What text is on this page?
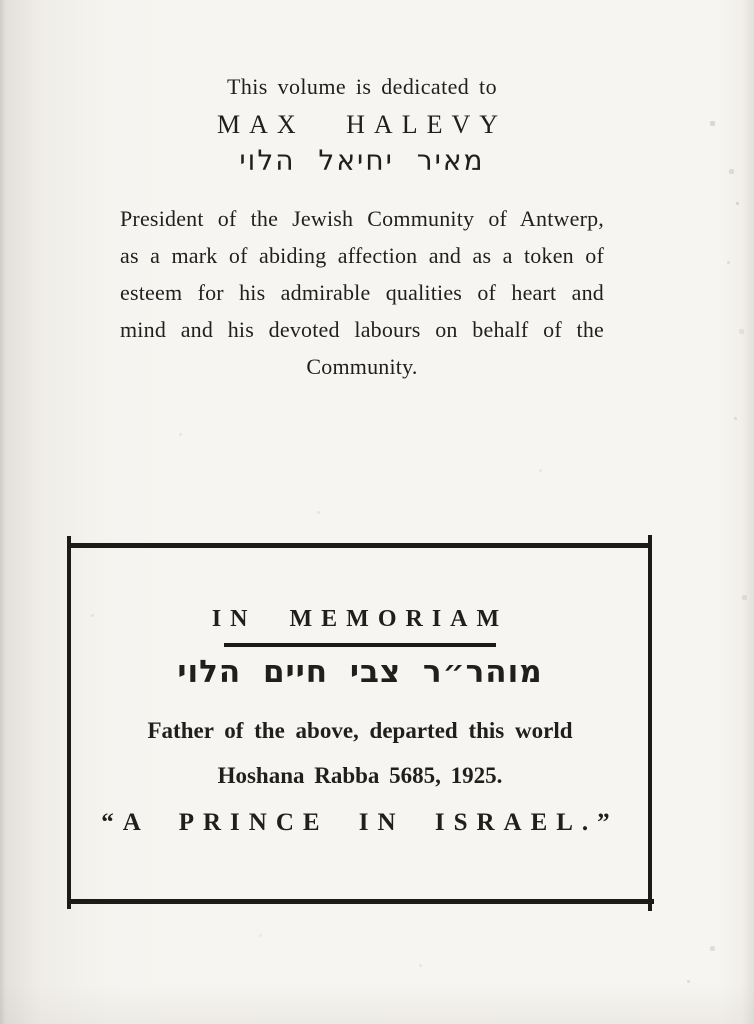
This volume is dedicated to
MAX HALEVY
מאיר יחיאל הלוי
President of the Jewish Community of Antwerp,
as a mark of abiding affection and as a token of
esteem for his admirable qualities of heart and
mind and his devoted labours on behalf of the
Community.
IN MEMORIAM
מוהר״ר צבי חיים הלוי
Father of the above, departed this world
Hoshana Rabba 5685, 1925.
“A PRINCE IN ISRAEL.”
